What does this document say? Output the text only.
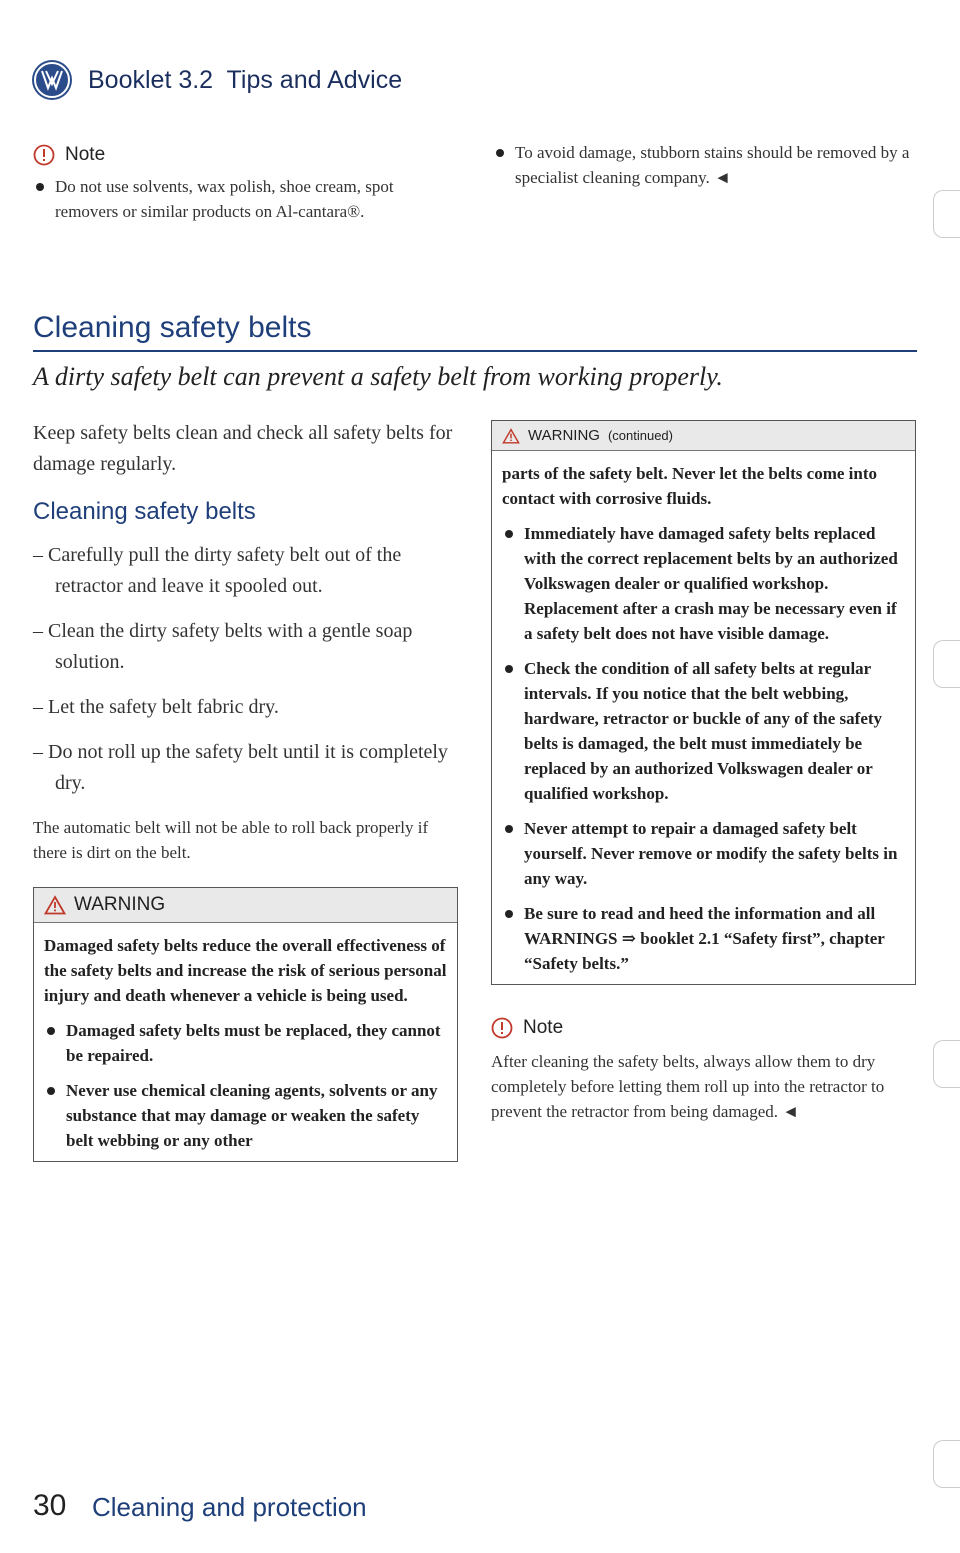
Booklet 3.2 Tips and Advice
Note
Do not use solvents, wax polish, shoe cream, spot removers or similar products on Al-cantara®.
To avoid damage, stubborn stains should be removed by a specialist cleaning company. ◄
Cleaning safety belts
A dirty safety belt can prevent a safety belt from working properly.
Keep safety belts clean and check all safety belts for damage regularly.
Cleaning safety belts
– Carefully pull the dirty safety belt out of the retractor and leave it spooled out.
– Clean the dirty safety belts with a gentle soap solution.
– Let the safety belt fabric dry.
– Do not roll up the safety belt until it is completely dry.
The automatic belt will not be able to roll back properly if there is dirt on the belt.
WARNING

Damaged safety belts reduce the overall effectiveness of the safety belts and increase the risk of serious personal injury and death whenever a vehicle is being used.

Damaged safety belts must be replaced, they cannot be repaired.

Never use chemical cleaning agents, solvents or any substance that may damage or weaken the safety belt webbing or any other

WARNING (continued)

parts of the safety belt. Never let the belts come into contact with corrosive fluids.

Immediately have damaged safety belts replaced with the correct replacement belts by an authorized Volkswagen dealer or qualified workshop. Replacement after a crash may be necessary even if a safety belt does not have visible damage.

Check the condition of all safety belts at regular intervals. If you notice that the belt webbing, hardware, retractor or buckle of any of the safety belts is damaged, the belt must immediately be replaced by an authorized Volkswagen dealer or qualified workshop.

Never attempt to repair a damaged safety belt yourself. Never remove or modify the safety belts in any way.

Be sure to read and heed the information and all WARNINGS ⇒ booklet 2.1 “Safety first”, chapter “Safety belts.”

Note
After cleaning the safety belts, always allow them to dry completely before letting them roll up into the retractor to prevent the retractor from being damaged. ◄
30 Cleaning and protection
